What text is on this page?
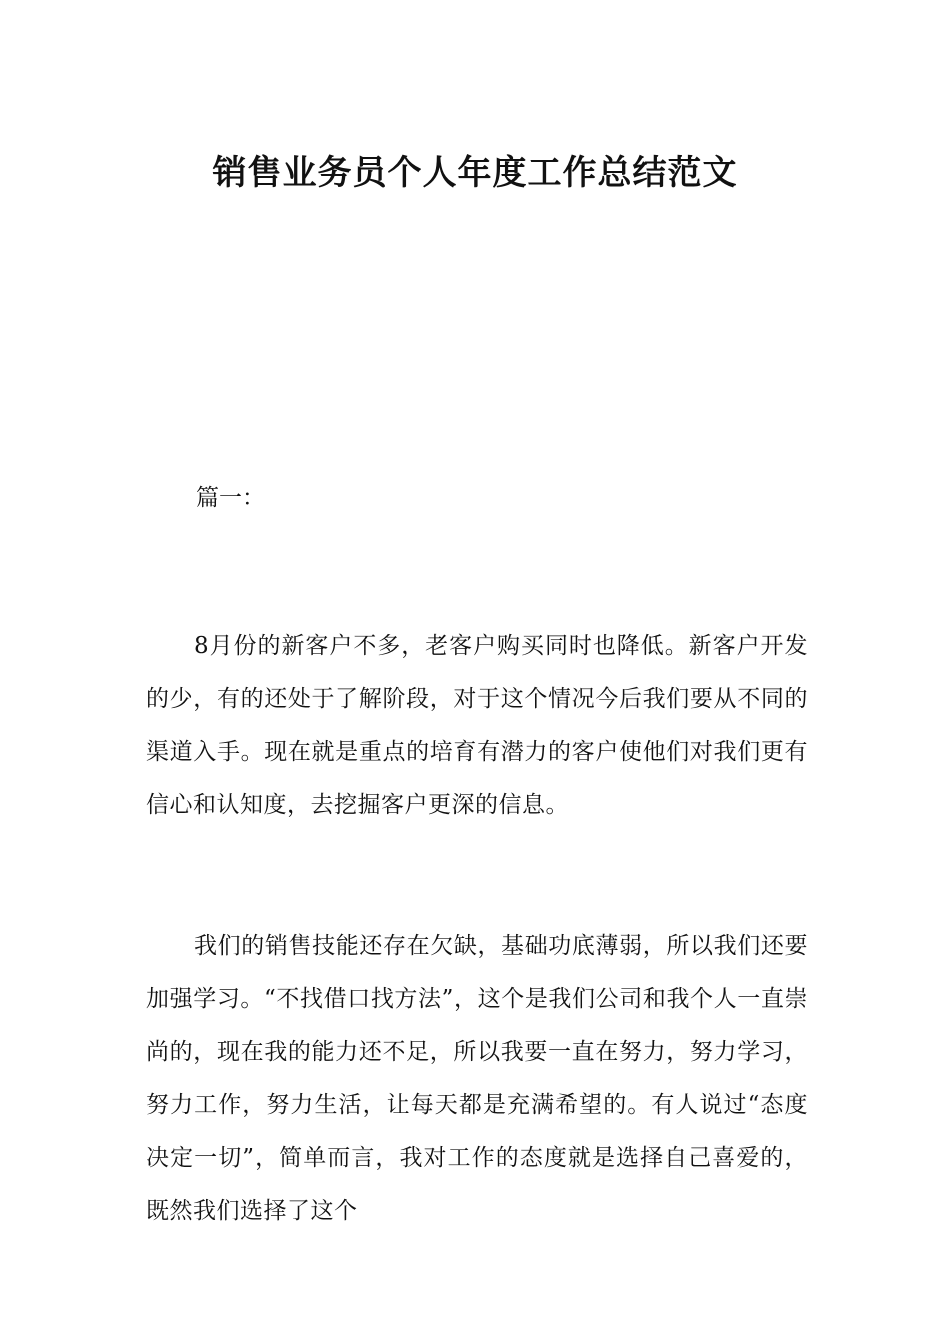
销售业务员个人年度工作总结范文
篇一：

8月份的新客户不多，老客户购买同时也降低。新客户开发的少，有的还处于了解阶段，对于这个情况今后我们要从不同的渠道入手。现在就是重点的培育有潜力的客户使他们对我们更有信心和认知度，去挖掘客户更深的信息。

我们的销售技能还存在欠缺，基础功底薄弱，所以我们还要加强学习。“不找借口找方法”，这个是我们公司和我个人一直崇尚的，现在我的能力还不足，所以我要一直在努力，努力学习，努力工作，努力生活，让每天都是充满希望的。有人说过“态度决定一切”，简单而言，我对工作的态度就是选择自己喜爱的，既然我们选择了这个
